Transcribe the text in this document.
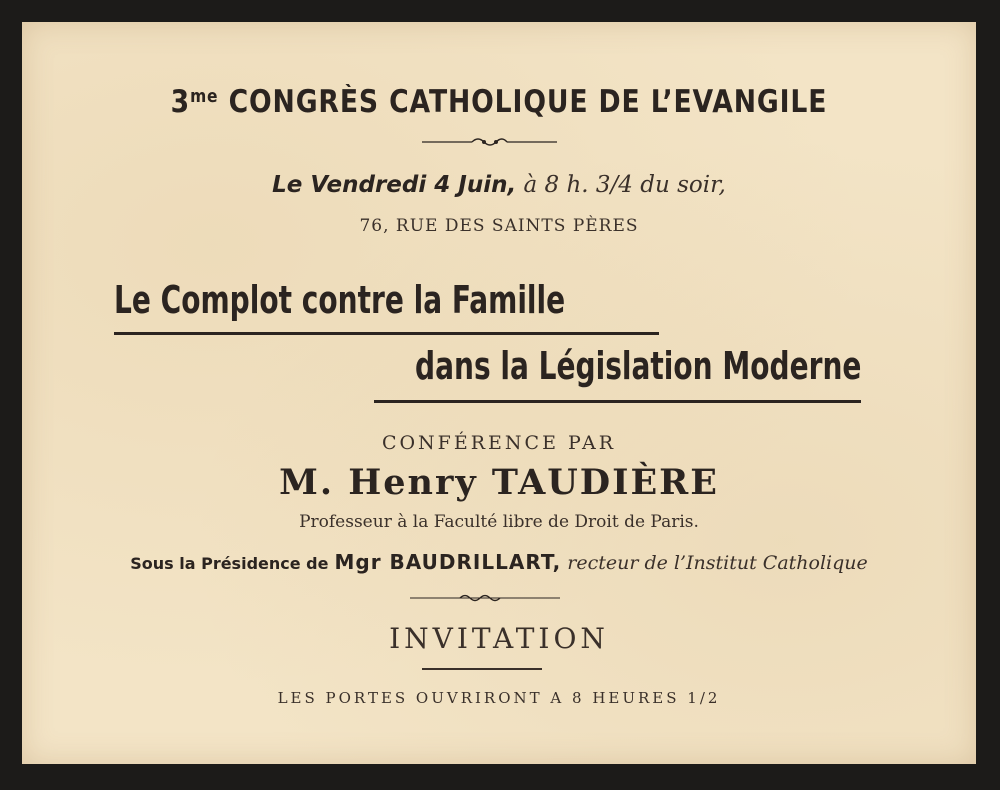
$3^{me}$ CONGRÈS CATHOLIQUE DE L’EVANGILE
Le Vendredi 4 Juin, à 8 h. 3/4 du soir,
76, RUE DES SAINTS PÈRES
Le Complot contre la Famille
dans la Législation Moderne
CONFÉRENCE PAR
M. Henry TAUDIÈRE
Professeur à la Faculté libre de Droit de Paris.
Sous la Présidence de Mgr BAUDRILLART, recteur de l’Institut Catholique
INVITATION
LES PORTES OUVRIRONT A 8 HEURES 1/2
